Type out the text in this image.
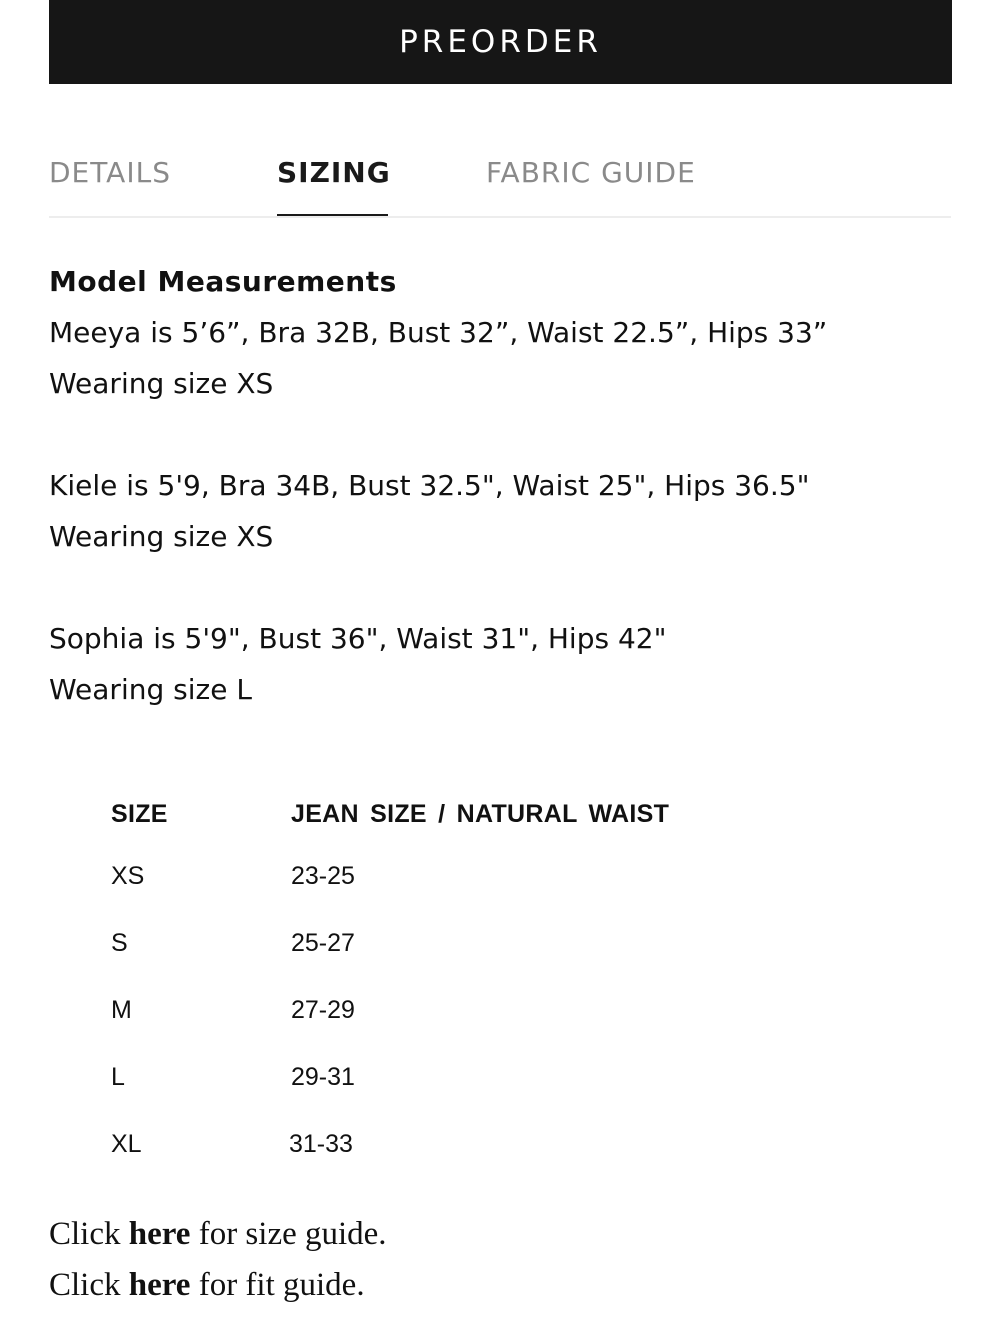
PREORDER
DETAILS	SIZING	FABRIC GUIDE

Model Measurements

Meeya is 5’6”, Bra 32B, Bust 32”, Waist 22.5”, Hips 33”

Wearing size XS

Kiele is 5'9, Bra 34B, Bust 32.5", Waist 25", Hips 36.5"

Wearing size XS

Sophia is 5'9", Bust 36", Waist 31", Hips 42"

Wearing size L

SIZE	JEAN SIZE / NATURAL WAIST
XS	23-25
S	25-27
M	27-29
L	29-31
XL	31-33

Click here for size guide.

Click here for fit guide.
